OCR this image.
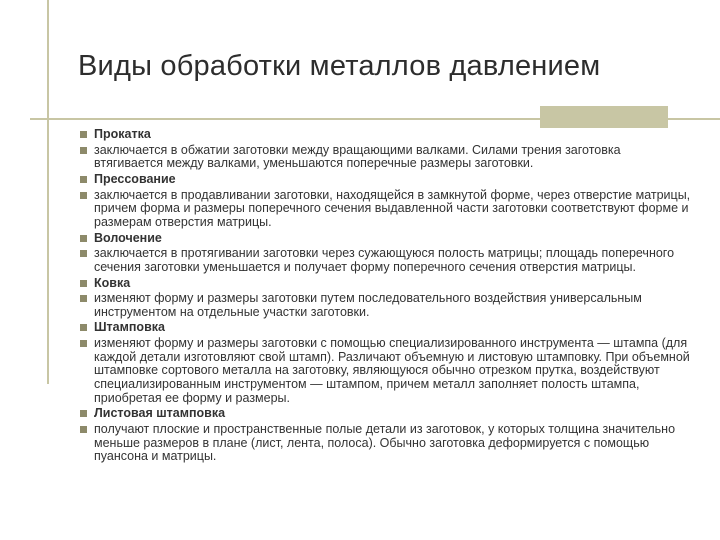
Виды обработки металлов давлением
Прокатка
заключается в обжатии заготовки между вращающими валками. Силами трения заготовка втягивается между валками, уменьшаются поперечные размеры заготовки.
Прессование
заключается в продавливании заготовки, находящейся в замкнутой форме, через отверстие матрицы, причем форма и размеры поперечного сечения выдавленной части заготовки соответствуют форме и размерам отверстия матрицы.
Волочение
заключается в протягивании заготовки через сужающуюся полость матрицы; площадь поперечного сечения заготовки уменьшается и получает форму поперечного сечения отверстия матрицы.
Ковка
изменяют форму и размеры заготовки путем последовательного воздействия универсальным инструментом на отдельные участки заготовки.
Штамповка
изменяют форму и размеры заготовки с помощью специализированного инструмента — штампа (для каждой детали изготовляют свой штамп). Различают объемную и листовую штамповку. При объемной штамповке сортового металла на заготовку, являющуюся обычно отрезком прутка, воздействуют специализированным инструментом — штампом, причем металл заполняет полость штампа, приобретая ее форму и размеры.
Листовая штамповка
получают плоские и пространственные полые детали из заготовок, у которых толщина значительно меньше размеров в плане (лист, лента, полоса). Обычно заготовка деформируется с помощью пуансона и матрицы.
